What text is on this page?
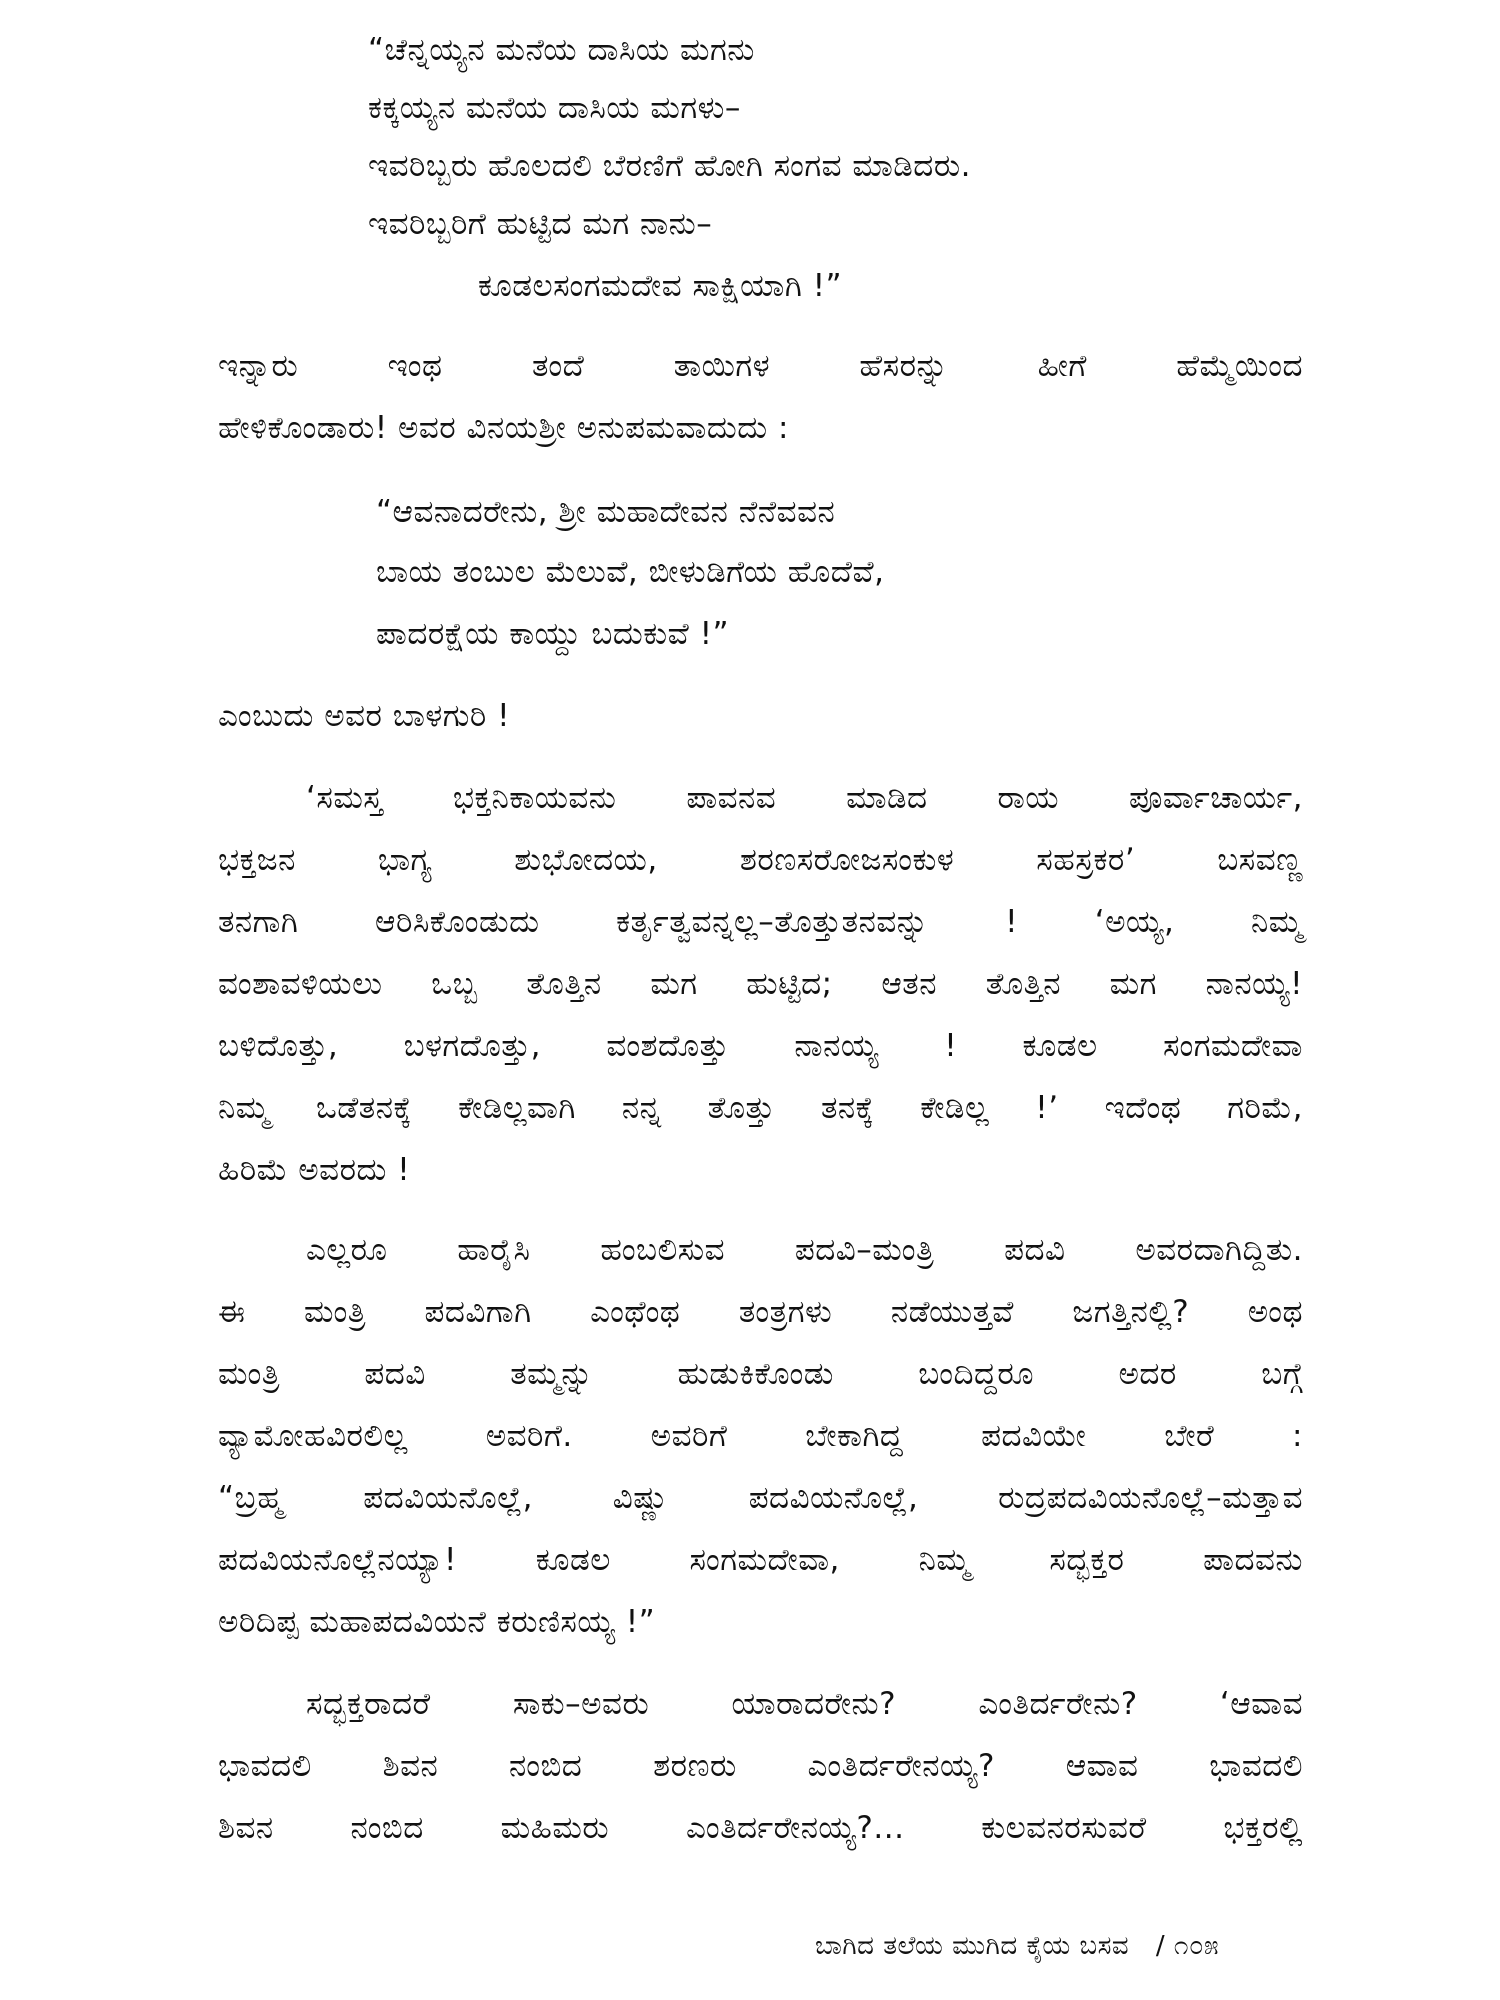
“ಚೆನ್ನಯ್ಯನ ಮನೆಯ ದಾಸಿಯ ಮಗನು
ಕಕ್ಕಯ್ಯನ ಮನೆಯ ದಾಸಿಯ ಮಗಳು–
ಇವರಿಬ್ಬರು ಹೊಲದಲಿ ಬೆರಣಿಗೆ ಹೋಗಿ ಸಂಗವ ಮಾಡಿದರು.
ಇವರಿಬ್ಬರಿಗೆ ಹುಟ್ಟಿದ ಮಗ ನಾನು–
ಕೂಡಲಸಂಗಮದೇವ ಸಾಕ್ಷಿಯಾಗಿ !”
ಇನ್ನಾರು ಇಂಥ ತಂದೆ ತಾಯಿಗಳ ಹೆಸರನ್ನು ಹೀಗೆ ಹೆಮ್ಮೆಯಿಂದ
ಹೇಳಿಕೊಂಡಾರು! ಅವರ ವಿನಯಶ್ರೀ ಅನುಪಮವಾದುದು :
“ಆವನಾದರೇನು, ಶ್ರೀ ಮಹಾದೇವನ ನೆನೆವವನ
ಬಾಯ ತಂಬುಲ ಮೆಲುವೆ, ಬೀಳುಡಿಗೆಯ ಹೊದೆವೆ,
ಪಾದರಕ್ಷೆಯ ಕಾಯ್ದು ಬದುಕುವೆ !”
ಎಂಬುದು ಅವರ ಬಾಳಗುರಿ !
‘ಸಮಸ್ತ ಭಕ್ತನಿಕಾಯವನು ಪಾವನವ ಮಾಡಿದ ರಾಯ ಪೂರ್ವಾಚಾರ್ಯ,
ಭಕ್ತಜನ ಭಾಗ್ಯ ಶುಭೋದಯ, ಶರಣಸರೋಜಸಂಕುಳ ಸಹಸ್ರಕರ’ ಬಸವಣ್ಣ
ತನಗಾಗಿ ಆರಿಸಿಕೊಂಡುದು ಕರ್ತೃತ್ವವನ್ನಲ್ಲ–ತೊತ್ತುತನವನ್ನು ! ‘ಅಯ್ಯ, ನಿಮ್ಮ
ವಂಶಾವಳಿಯಲು ಒಬ್ಬ ತೊತ್ತಿನ ಮಗ ಹುಟ್ಟಿದ; ಆತನ ತೊತ್ತಿನ ಮಗ ನಾನಯ್ಯ!
ಬಳಿದೊತ್ತು, ಬಳಗದೊತ್ತು, ವಂಶದೊತ್ತು ನಾನಯ್ಯ ! ಕೂಡಲ ಸಂಗಮದೇವಾ
ನಿಮ್ಮ ಒಡೆತನಕ್ಕೆ ಕೇಡಿಲ್ಲವಾಗಿ ನನ್ನ ತೊತ್ತು ತನಕ್ಕೆ ಕೇಡಿಲ್ಲ !’ ಇದೆಂಥ ಗರಿಮೆ,
ಹಿರಿಮೆ ಅವರದು !
ಎಲ್ಲರೂ ಹಾರೈಸಿ ಹಂಬಲಿಸುವ ಪದವಿ–ಮಂತ್ರಿ ಪದವಿ ಅವರದಾಗಿದ್ದಿತು.
ಈ ಮಂತ್ರಿ ಪದವಿಗಾಗಿ ಎಂಥೆಂಥ ತಂತ್ರಗಳು ನಡೆಯುತ್ತವೆ ಜಗತ್ತಿನಲ್ಲಿ? ಅಂಥ
ಮಂತ್ರಿ ಪದವಿ ತಮ್ಮನ್ನು ಹುಡುಕಿಕೊಂಡು ಬಂದಿದ್ದರೂ ಅದರ ಬಗ್ಗೆ
ವ್ಯಾಮೋಹವಿರಲಿಲ್ಲ ಅವರಿಗೆ. ಅವರಿಗೆ ಬೇಕಾಗಿದ್ದ ಪದವಿಯೇ ಬೇರೆ :
“ಬ್ರಹ್ಮ ಪದವಿಯನೊಲ್ಲೆ, ವಿಷ್ಣು ಪದವಿಯನೊಲ್ಲೆ, ರುದ್ರಪದವಿಯನೊಲ್ಲೆ–ಮತ್ತಾವ
ಪದವಿಯನೊಲ್ಲೆನಯ್ಯಾ! ಕೂಡಲ ಸಂಗಮದೇವಾ, ನಿಮ್ಮ ಸದ್ಭಕ್ತರ ಪಾದವನು
ಅರಿದಿಪ್ಪ ಮಹಾಪದವಿಯನೆ ಕರುಣಿಸಯ್ಯ !”
ಸದ್ಭಕ್ತರಾದರೆ ಸಾಕು–ಅವರು ಯಾರಾದರೇನು? ಎಂತಿರ್ದರೇನು? ‘ಆವಾವ
ಭಾವದಲಿ ಶಿವನ ನಂಬಿದ ಶರಣರು ಎಂತಿರ್ದರೇನಯ್ಯ? ಆವಾವ ಭಾವದಲಿ
ಶಿವನ ನಂಬಿದ ಮಹಿಮರು ಎಂತಿರ್ದರೇನಯ್ಯ?... ಕುಲವನರಸುವರೆ ಭಕ್ತರಲ್ಲಿ
ಬಾಗಿದ ತಲೆಯ ಮುಗಿದ ಕೈಯ ಬಸವ / ೧೦೫
